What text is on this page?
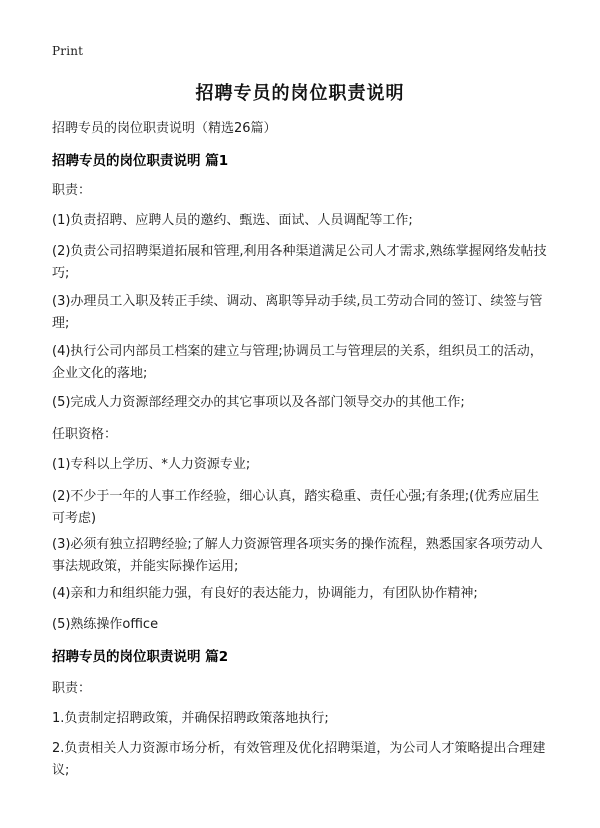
Print
招聘专员的岗位职责说明

招聘专员的岗位职责说明（精选26篇）

招聘专员的岗位职责说明 篇1

职责：

(1)负责招聘、应聘人员的邀约、甄选、面试、人员调配等工作;

(2)负责公司招聘渠道拓展和管理,利用各种渠道满足公司人才需求,熟练掌握网络发帖技巧;

(3)办理员工入职及转正手续、调动、离职等异动手续,员工劳动合同的签订、续签与管理;

(4)执行公司内部员工档案的建立与管理;协调员工与管理层的关系，组织员工的活动，企业文化的落地;

(5)完成人力资源部经理交办的其它事项以及各部门领导交办的其他工作;

任职资格：

(1)专科以上学历、*人力资源专业;

(2)不少于一年的人事工作经验，细心认真，踏实稳重、责任心强;有条理;(优秀应届生可考虑)

(3)必须有独立招聘经验;了解人力资源管理各项实务的操作流程，熟悉国家各项劳动人事法规政策，并能实际操作运用;

(4)亲和力和组织能力强，有良好的表达能力，协调能力，有团队协作精神;

(5)熟练操作office

招聘专员的岗位职责说明 篇2

职责：

1.负责制定招聘政策，并确保招聘政策落地执行;

2.负责相关人力资源市场分析，有效管理及优化招聘渠道，为公司人才策略提出合理建议;
